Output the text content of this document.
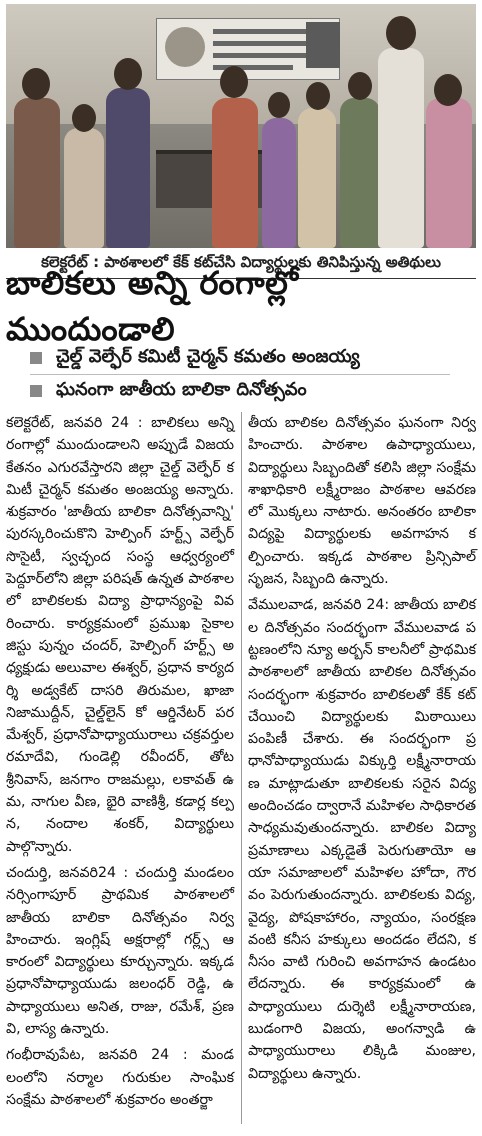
కలెక్టరేట్ : పాఠశాలలో కేక్ కట్‌చేసి విద్యార్థులకు తినిపిస్తున్న అతిథులు
బాలికలు అన్ని రంగాల్లో ముందుండాలి
చైల్డ్ వెల్ఫేర్ కమిటీ చైర్మన్ కమతం అంజయ్య
ఘనంగా జాతీయ బాలికా దినోత్సవం

కలెక్టరేట్, జనవరి 24 : బాలికలు అన్ని రంగాల్లో ముందుండాలని అప్పుడే విజయకేతనం ఎగురవేస్తారని జిల్లా చైల్డ్ వెల్ఫేర్ కమిటీ చైర్మన్ కమతం అంజయ్య అన్నారు. శుక్రవారం 'జాతీయ బాలికా దినోత్సవాన్ని' పురస్కరించుకొని హెల్పింగ్ హర్ట్స్ వెల్ఫేర్ సొసైటీ, స్వచ్ఛంద సంస్థ ఆధ్వర్యంలో పెద్దూర్‌లోని జిల్లా పరిషత్ ఉన్నత పాఠశాలలో బాలికలకు విద్యా ప్రాధాన్యంపై వివరించారు. కార్యక్రమంలో ప్రముఖ సైకాలజిస్టు పున్నం చందర్, హెల్పింగ్ హర్ట్స్ అధ్యక్షుడు అలువాల ఈశ్వర్, ప్రధాన కార్యదర్శి అడ్వకేట్ దాసరి తిరుమల, ఖాజా నిజాముద్దీన్, చైల్డ్‌లైన్ కో ఆర్డినేటర్ పరమేశ్వర్, ప్రధానోపాధ్యాయురాలు చక్రవర్తుల రమాదేవి, గుండెల్లి రవీందర్, తోట శ్రీనివాస్, జనగాం రాజమల్లు, లకావత్ ఉమ, నాగుల వీణ, భైరి వాణిశ్రీ, కడార్ల కల్పన, నందాల శంకర్, విద్యార్థులు పాల్గొన్నారు.

చందుర్తి, జనవరి24 : చందుర్తి మండలం నర్సింగాపూర్ ప్రాథమిక పాఠశాలలో జాతీయ బాలికా దినోత్సవం నిర్వహించారు. ఇంగ్లిష్ అక్షరాల్లో గర్ల్స్ ఆకారంలో విద్యార్థులు కూర్చున్నారు. ఇక్కడ ప్రధానోపాధ్యాయుడు జలంధర్ రెడ్డి, ఉపాధ్యాయులు అనిత, రాజు, రమేశ్, ప్రణవి, లాస్య ఉన్నారు.

గంభీరావుపేట, జనవరి 24 : మండలంలోని నర్మాల గురుకుల సాంఘిక సంక్షేమ పాఠశాలలో శుక్రవారం అంతర్జా

తీయ బాలికల దినోత్సవం ఘనంగా నిర్వహించారు. పాఠశాల ఉపాధ్యాయులు, విద్యార్థులు సిబ్బందితో కలిసి జిల్లా సంక్షేమ శాఖాధికారి లక్ష్మీరాజం పాఠశాల ఆవరణలో మొక్కలు నాటారు. అనంతరం బాలికా విద్యపై విద్యార్థులకు అవగాహన కల్పించారు. ఇక్కడ పాఠశాల ప్రిన్సిపాల్ సృజన, సిబ్బంది ఉన్నారు.

వేములవాడ, జనవరి 24: జాతీయ బాలికల దినోత్సవం సందర్భంగా వేములవాడ పట్టణంలోని న్యూ అర్బన్ కాలనీలో ప్రాథమిక పాఠశాలలో జాతీయ బాలికల దినోత్సవం సందర్భంగా శుక్రవారం బాలికలతో కేక్ కట్ చేయించి విద్యార్థులకు మిఠాయిలు పంపిణీ చేశారు. ఈ సందర్భంగా ప్రధానోపాధ్యాయుడు విక్కుర్తి లక్ష్మీనారాయణ మాట్లాడుతూ బాలికలకు సరైన విద్య అందించడం ద్వారానే మహిళల సాధికారత సాధ్యమవుతుందన్నారు. బాలికల విద్యా ప్రమాణాలు ఎక్కడైతే పెరుగుతాయో ఆయా సమాజాలలో మహిళల హోదా, గౌరవం పెరుగుతుందన్నారు. బాలికలకు విద్య, వైద్య, పోషకాహారం, న్యాయం, సంరక్షణ వంటి కనీస హక్కులు అందడం లేదని, కనీసం వాటి గురించి అవగాహన ఉండటం లేదన్నారు. ఈ కార్యక్రమంలో ఉపాధ్యాయులు దుర్శెటి లక్ష్మీనారాయణ, బుడంగారి విజయ, అంగన్వాడి ఉపాధ్యాయురాలు లిక్కిడి మంజుల, విద్యార్థులు ఉన్నారు.
